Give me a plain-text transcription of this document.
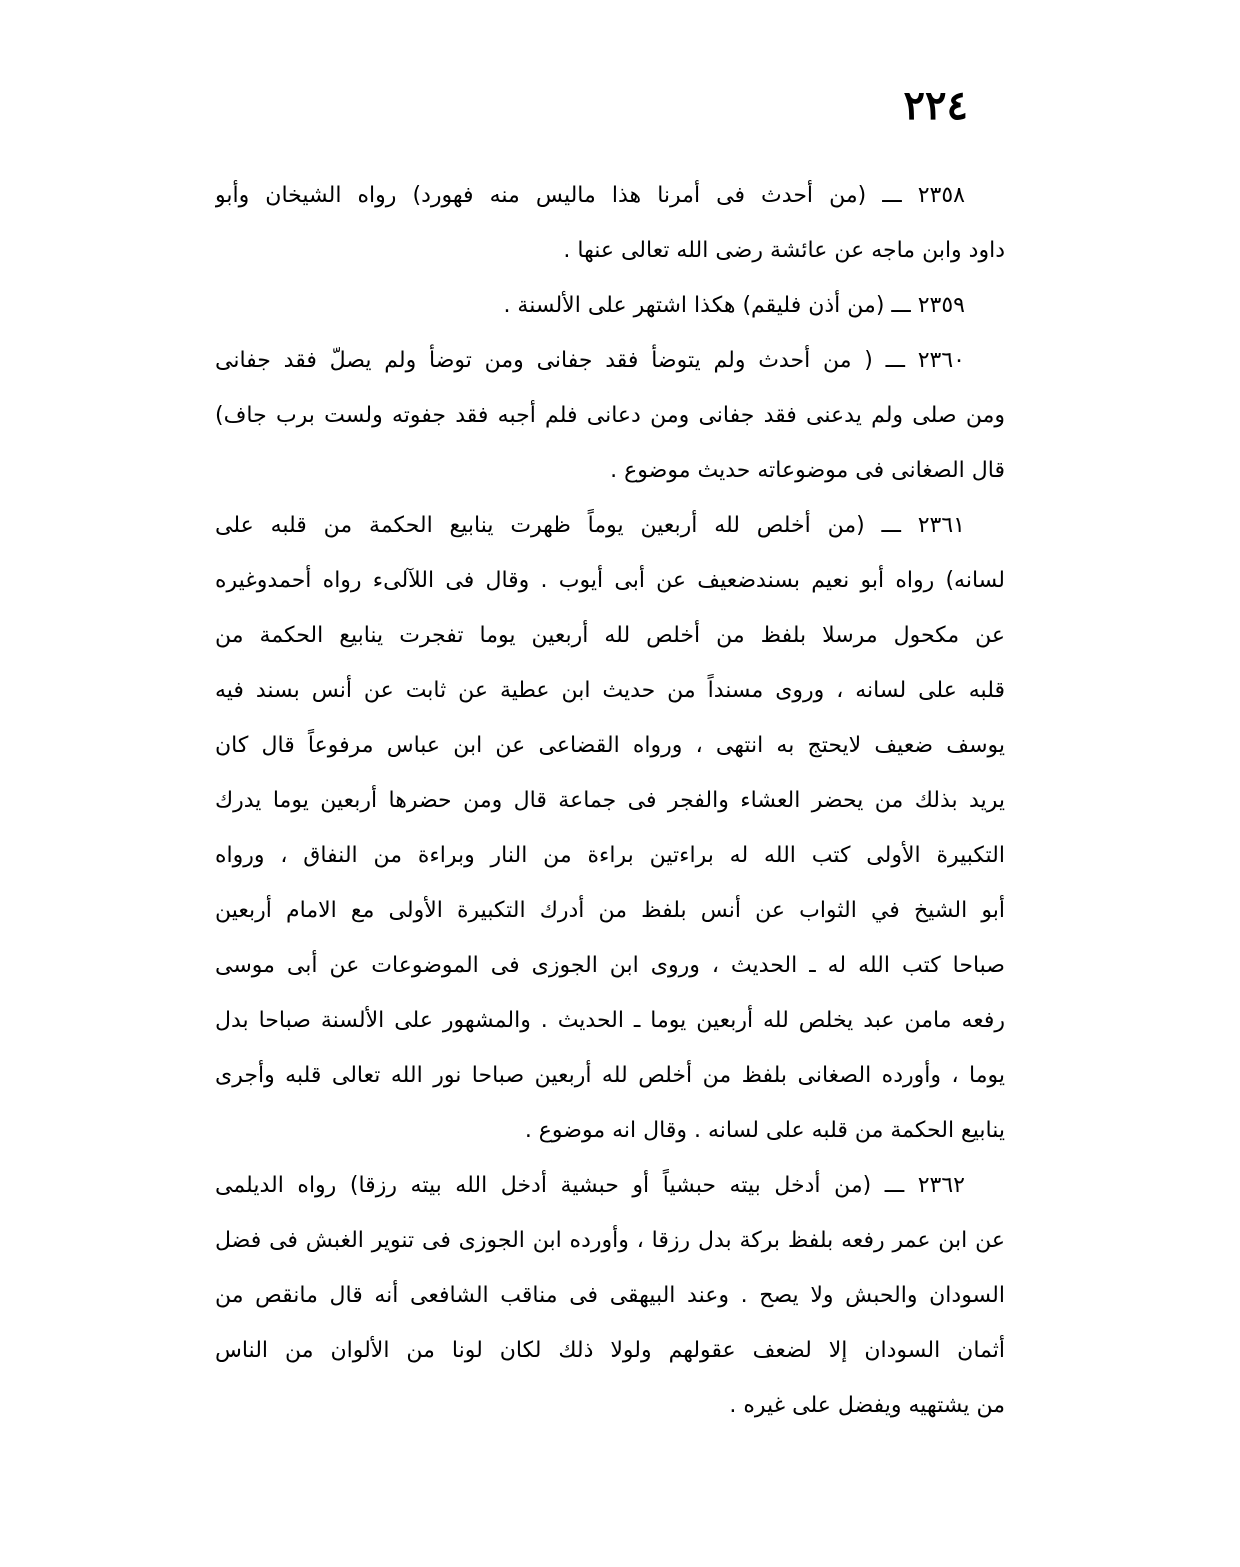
٢٢٤
٢٣٥٨ ـــ (من أحدث فى أمرنا هذا ماليس منه فهورد) رواه الشيخان وأبو
داود وابن ماجه عن عائشة رضى الله تعالى عنها .
٢٣٥٩ ـــ (من أذن فليقم) هكذا اشتهر على الألسنة .
٢٣٦٠ ـــ ( من أحدث ولم يتوضأ فقد جفانى ومن توضأ ولم يصلّ فقد جفانى
ومن صلى ولم يدعنى فقد جفانى ومن دعانى فلم أجبه فقد جفوته ولست برب جاف)
قال الصغانى فى موضوعاته حديث موضوع .
٢٣٦١ ـــ (من أخلص لله أربعين يوماً ظهرت ينابيع الحكمة من قلبه على
لسانه) رواه أبو نعيم بسندضعيف عن أبى أيوب . وقال فى اللآلىء رواه أحمدوغيره
عن مكحول مرسلا بلفظ من أخلص لله أربعين يوما تفجرت ينابيع الحكمة من
قلبه على لسانه ، وروى مسنداً من حديث ابن عطية عن ثابت عن أنس بسند فيه
يوسف ضعيف لايحتج به انتهى ، ورواه القضاعى عن ابن عباس مرفوعاً قال كان
يريد بذلك من يحضر العشاء والفجر فى جماعة قال ومن حضرها أربعين يوما يدرك
التكبيرة الأولى كتب الله له براءتين براءة من النار وبراءة من النفاق ، ورواه
أبو الشيخ في الثواب عن أنس بلفظ من أدرك التكبيرة الأولى مع الامام أربعين
صباحا كتب الله له ـ الحديث ، وروى ابن الجوزى فى الموضوعات عن أبى موسى
رفعه مامن عبد يخلص لله أربعين يوما ـ الحديث . والمشهور على الألسنة صباحا بدل
يوما ، وأورده الصغانى بلفظ من أخلص لله أربعين صباحا نور الله تعالى قلبه وأجرى
ينابيع الحكمة من قلبه على لسانه . وقال انه موضوع .
٢٣٦٢ ـــ (من أدخل بيته حبشياً أو حبشية أدخل الله بيته رزقا) رواه الديلمى
عن ابن عمر رفعه بلفظ بركة بدل رزقا ، وأورده ابن الجوزى فى تنوير الغبش فى فضل
السودان والحبش ولا يصح . وعند البيهقى فى مناقب الشافعى أنه قال مانقص من
أثمان السودان إلا لضعف عقولهم ولولا ذلك لكان لونا من الألوان من الناس
من يشتهيه ويفضل على غيره .
